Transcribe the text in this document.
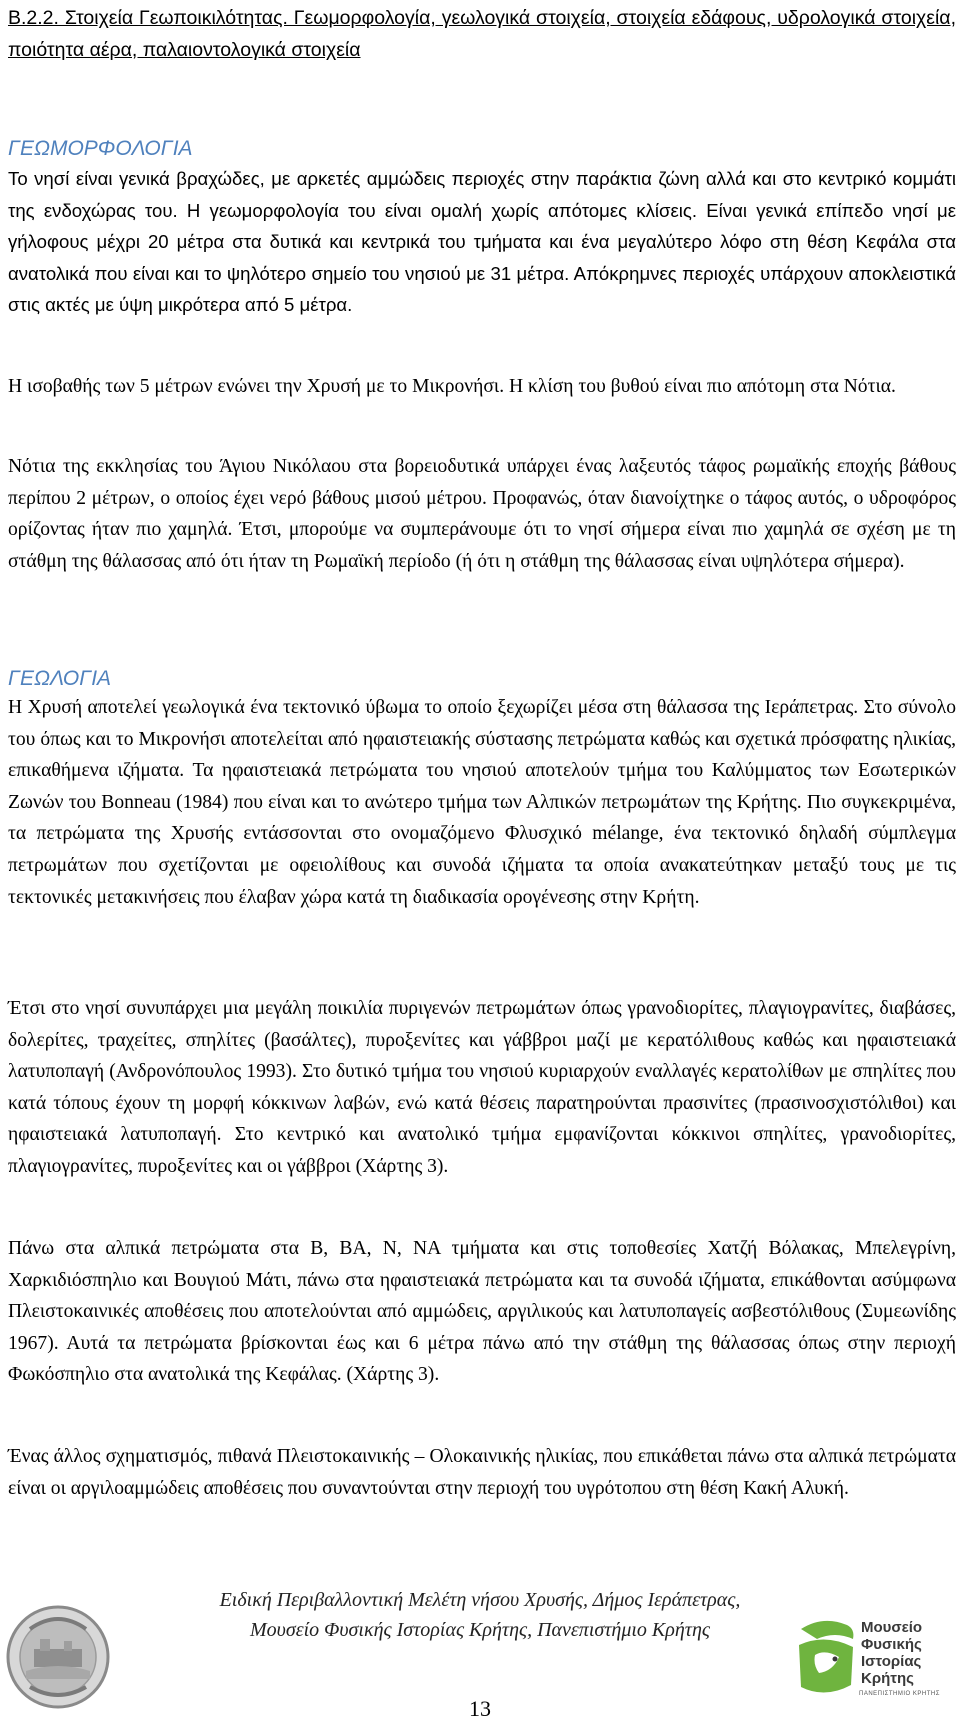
Β.2.2. Στοιχεία Γεωποικιλότητας. Γεωμορφολογία, γεωλογικά στοιχεία, στοιχεία εδάφους, υδρολογικά στοιχεία, ποιότητα αέρα, παλαιοντολογικά στοιχεία
ΓΕΩΜΟΡΦΟΛΟΓΙΑ

Το νησί είναι γενικά βραχώδες, με αρκετές αμμώδεις περιοχές στην παράκτια ζώνη αλλά και στο κεντρικό κομμάτι της ενδοχώρας του. Η γεωμορφολογία του είναι ομαλή χωρίς απότομες κλίσεις. Είναι γενικά επίπεδο νησί με γήλοφους μέχρι 20 μέτρα στα δυτικά και κεντρικά του τμήματα και ένα μεγαλύτερο λόφο στη θέση Κεφάλα στα ανατολικά που είναι και το ψηλότερο σημείο του νησιού με 31 μέτρα. Απόκρημνες περιοχές υπάρχουν αποκλειστικά στις ακτές με ύψη μικρότερα από 5 μέτρα.

Η ισοβαθής των 5 μέτρων ενώνει την Χρυσή με το Μικρονήσι. Η κλίση του βυθού είναι πιο απότομη στα Νότια.

Νότια της εκκλησίας του Άγιου Νικόλαου στα βορειοδυτικά υπάρχει ένας λαξευτός τάφος ρωμαϊκής εποχής βάθους περίπου 2 μέτρων, ο οποίος έχει νερό βάθους μισού μέτρου. Προφανώς, όταν διανοίχτηκε ο τάφος αυτός, ο υδροφόρος ορίζοντας ήταν πιο χαμηλά. Έτσι, μπορούμε να συμπεράνουμε ότι το νησί σήμερα είναι πιο χαμηλά σε σχέση με τη στάθμη της θάλασσας από ότι ήταν τη Ρωμαϊκή περίοδο (ή ότι η στάθμη της θάλασσας είναι υψηλότερα σήμερα).

ΓΕΩΛΟΓΙΑ

Η Χρυσή αποτελεί γεωλογικά ένα τεκτονικό ύβωμα το οποίο ξεχωρίζει μέσα στη θάλασσα της Ιεράπετρας. Στο σύνολο του όπως και το Μικρονήσι αποτελείται από ηφαιστειακής σύστασης πετρώματα καθώς και σχετικά πρόσφατης ηλικίας, επικαθήμενα ιζήματα. Τα ηφαιστειακά πετρώματα του νησιού αποτελούν τμήμα του Καλύμματος των Εσωτερικών Ζωνών του Bonneau (1984) που είναι και το ανώτερο τμήμα των Αλπικών πετρωμάτων της Κρήτης. Πιο συγκεκριμένα, τα πετρώματα της Χρυσής εντάσσονται στο ονομαζόμενο Φλυσχικό mélange, ένα τεκτονικό δηλαδή σύμπλεγμα πετρωμάτων που σχετίζονται με οφειολίθους και συνοδά ιζήματα τα οποία ανακατεύτηκαν μεταξύ τους με τις τεκτονικές μετακινήσεις που έλαβαν χώρα κατά τη διαδικασία ορογένεσης στην Κρήτη.

Έτσι στο νησί συνυπάρχει μια μεγάλη ποικιλία πυριγενών πετρωμάτων όπως γρανοδιορίτες, πλαγιογρανίτες, διαβάσες, δολερίτες, τραχείτες, σπηλίτες (βασάλτες), πυροξενίτες και γάββροι μαζί με κερατόλιθους καθώς και ηφαιστειακά λατυποπαγή (Ανδρονόπουλος 1993). Στο δυτικό τμήμα του νησιού κυριαρχούν εναλλαγές κερατολίθων με σπηλίτες που κατά τόπους έχουν τη μορφή κόκκινων λαβών, ενώ κατά θέσεις παρατηρούνται πρασινίτες (πρασινοσχιστόλιθοι) και ηφαιστειακά λατυποπαγή. Στο κεντρικό και ανατολικό τμήμα εμφανίζονται κόκκινοι σπηλίτες, γρανοδιορίτες, πλαγιογρανίτες, πυροξενίτες και οι γάββροι (Χάρτης 3).

Πάνω στα αλπικά πετρώματα στα Β, ΒΑ, Ν, ΝΑ τμήματα και στις τοποθεσίες Χατζή Βόλακας, Μπελεγρίνη, Χαρκιδιόσπηλιο και Βουγιού Μάτι, πάνω στα ηφαιστειακά πετρώματα και τα συνοδά ιζήματα, επικάθονται ασύμφωνα Πλειστοκαινικές αποθέσεις που αποτελούνται από αμμώδεις, αργιλικούς και λατυποπαγείς ασβεστόλιθους (Συμεωνίδης 1967). Αυτά τα πετρώματα βρίσκονται έως και 6 μέτρα πάνω από την στάθμη της θάλασσας όπως στην περιοχή Φωκόσπηλιο στα ανατολικά της Κεφάλας. (Χάρτης 3).

Ένας άλλος σχηματισμός, πιθανά Πλειστοκαινικής – Ολοκαινικής ηλικίας, που επικάθεται πάνω στα αλπικά πετρώματα είναι οι αργιλοαμμώδεις αποθέσεις που συναντούνται στην περιοχή του υγρότοπου στη θέση Κακή Αλυκή.

Ειδική Περιβαλλοντική Μελέτη νήσου Χρυσής, Δήμος Ιεράπετρας,
Μουσείο Φυσικής Ιστορίας Κρήτης, Πανεπιστήμιο Κρήτης
13
Μουσείο
Φυσικής
Ιστορίας
Κρήτης
ΠΑΝΕΠΙΣΤΗΜΙΟ ΚΡΗΤΗΣ
